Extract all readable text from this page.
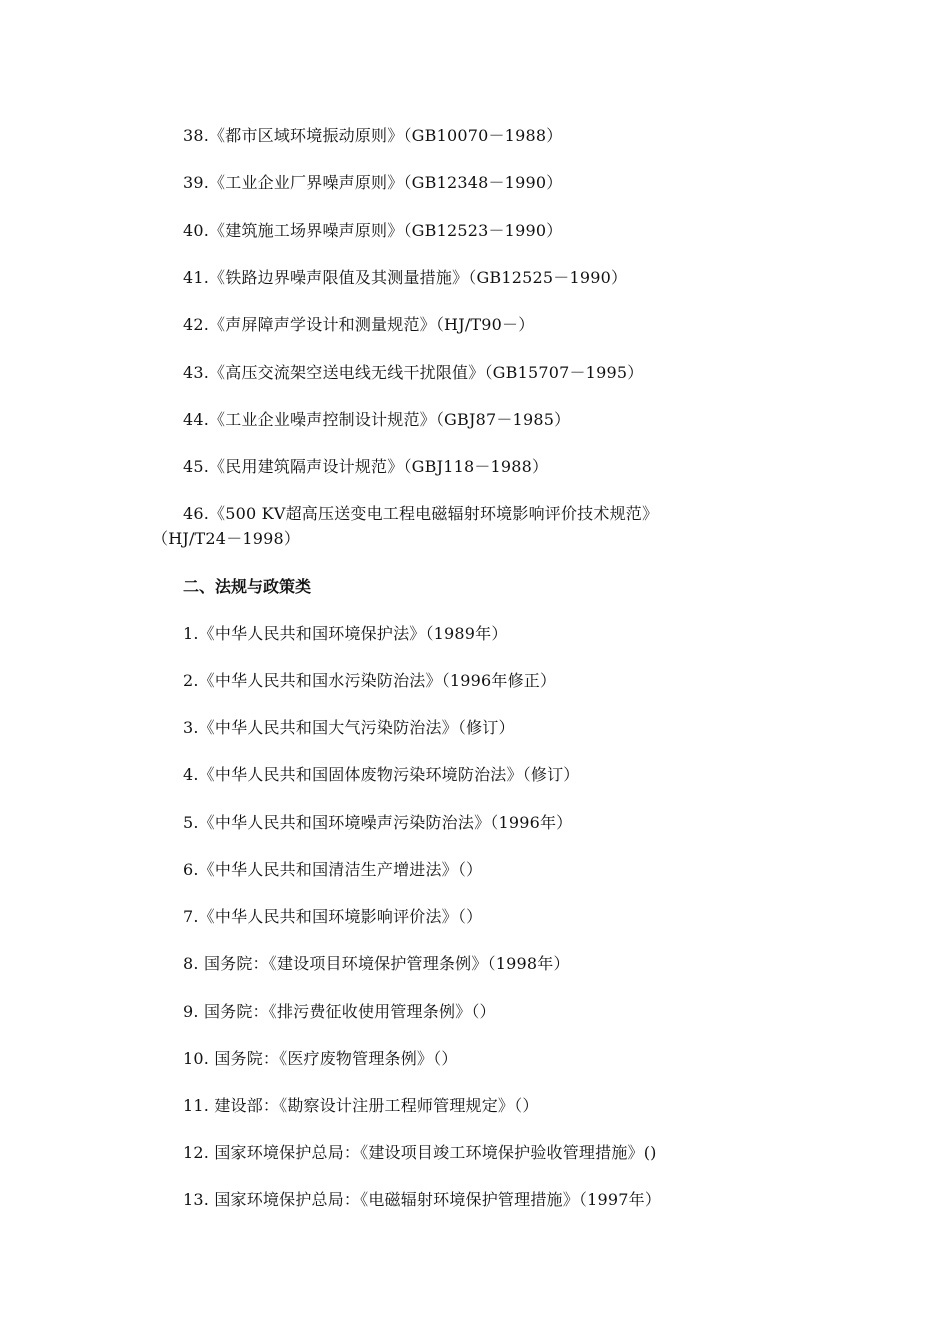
38.《都市区域环境振动原则》（GB10070－1988）
39.《工业企业厂界噪声原则》（GB12348－1990）
40.《建筑施工场界噪声原则》（GB12523－1990）
41.《铁路边界噪声限值及其测量措施》（GB12525－1990）
42.《声屏障声学设计和测量规范》（HJ/T90－）
43.《高压交流架空送电线无线干扰限值》（GB15707－1995）
44.《工业企业噪声控制设计规范》（GBJ87－1985）
45.《民用建筑隔声设计规范》（GBJ118－1988）
46.《500 KV超高压送变电工程电磁辐射环境影响评价技术规范》
（HJ/T24－1998）
二、法规与政策类
1.《中华人民共和国环境保护法》（1989年）
2.《中华人民共和国水污染防治法》（1996年修正）
3.《中华人民共和国大气污染防治法》（修订）
4.《中华人民共和国固体废物污染环境防治法》（修订）
5.《中华人民共和国环境噪声污染防治法》（1996年）
6.《中华人民共和国清洁生产增进法》（）
7.《中华人民共和国环境影响评价法》（）
8. 国务院：《建设项目环境保护管理条例》（1998年）
9. 国务院：《排污费征收使用管理条例》（）
10. 国务院：《医疗废物管理条例》（）
11. 建设部：《勘察设计注册工程师管理规定》（）
12. 国家环境保护总局：《建设项目竣工环境保护验收管理措施》()
13. 国家环境保护总局：《电磁辐射环境保护管理措施》（1997年）
